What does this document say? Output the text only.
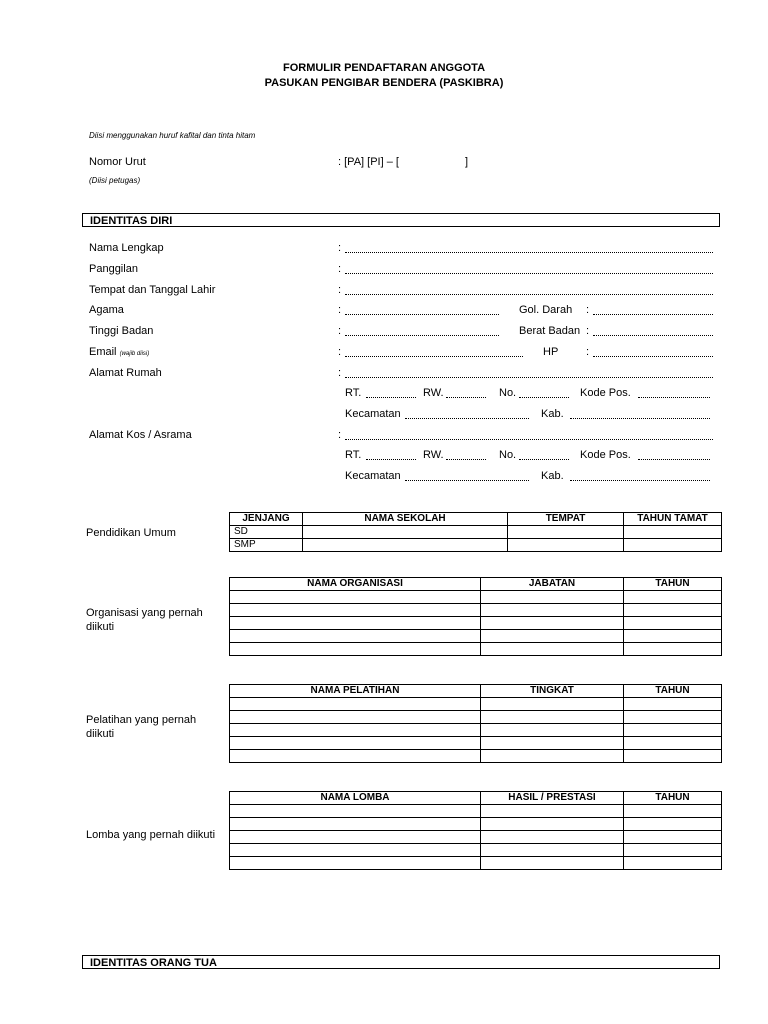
FORMULIR PENDAFTARAN ANGGOTA
PASUKAN PENGIBAR BENDERA (PASKIBRA)
Diisi menggunakan huruf kafital dan tinta hitam
Nomor Urut	: [PA] [PI] – [	]
(Diisi petugas)
IDENTITAS DIRI
Nama Lengkap	:
Panggilan	:
Tempat dan Tanggal Lahir	:
Agama	:	Gol. Darah :
Tinggi Badan	:	Berat Badan :
Email (wajib diisi)	:	HP	:
Alamat Rumah	:
RT.	RW.	No.	Kode Pos.
Kecamatan	Kab.
Alamat Kos / Asrama	:
RT.	RW.	No.	Kode Pos.
Kecamatan	Kab.
Pendidikan Umum
JENJANG	NAMA SEKOLAH	TEMPAT	TAHUN TAMAT
SD			
SMP			
Organisasi yang pernah
diikuti
NAMA ORGANISASI	JABATAN	TAHUN

Pelatihan yang pernah
diikuti
NAMA PELATIHAN	TINGKAT	TAHUN

Lomba yang pernah diikuti
NAMA LOMBA	HASIL / PRESTASI	TAHUN

IDENTITAS ORANG TUA
